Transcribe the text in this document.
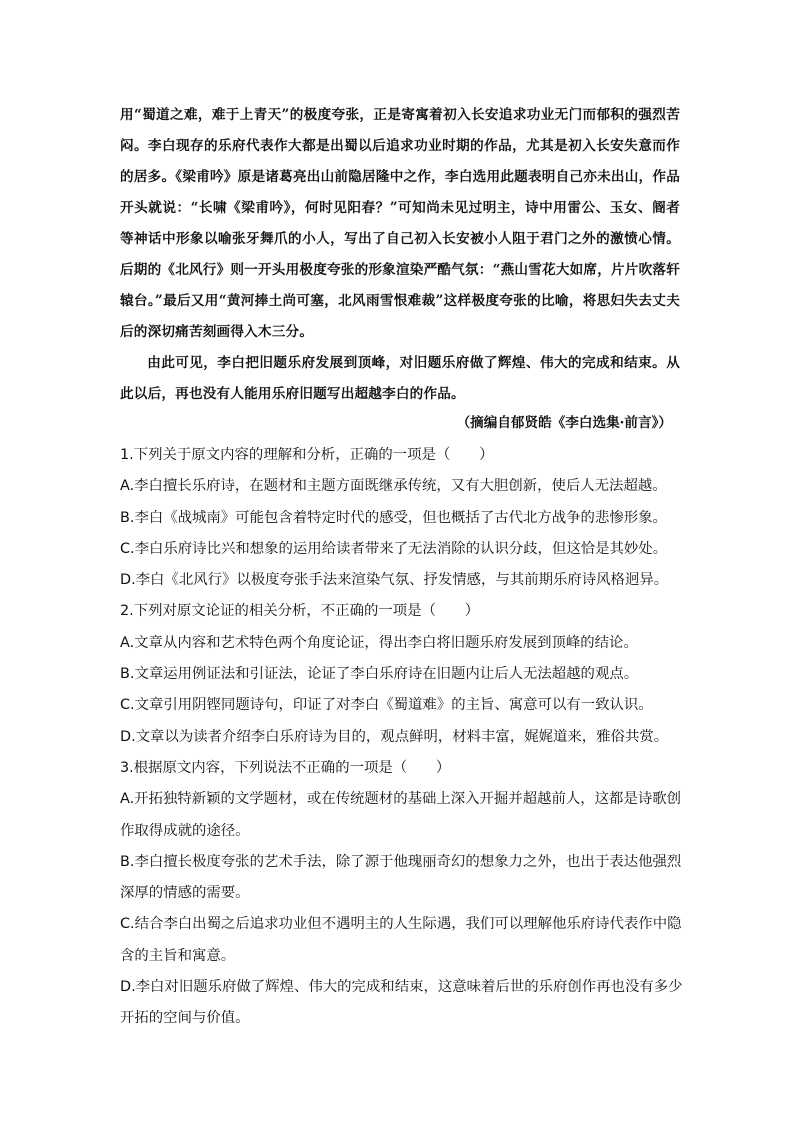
用“蜀道之难，难于上青天”的极度夸张，正是寄寓着初入长安追求功业无门而郁积的强烈苦闷。李白现存的乐府代表作大都是出蜀以后追求功业时期的作品，尤其是初入长安失意而作的居多。《梁甫吟》原是诸葛亮出山前隐居隆中之作，李白选用此题表明自己亦未出山，作品开头就说：“长啸《梁甫吟》，何时见阳春？”可知尚未见过明主，诗中用雷公、玉女、阍者等神话中形象以喻张牙舞爪的小人，写出了自己初入长安被小人阻于君门之外的激愤心情。后期的《北风行》则一开头用极度夸张的形象渲染严酷气氛：“燕山雪花大如席，片片吹落轩辕台。”最后又用“黄河捧土尚可塞，北风雨雪恨难裁”这样极度夸张的比喻，将思妇失去丈夫后的深切痛苦刻画得入木三分。

由此可见，李白把旧题乐府发展到顶峰，对旧题乐府做了辉煌、伟大的完成和结束。从此以后，再也没有人能用乐府旧题写出超越李白的作品。

（摘编自郁贤皓《李白选集·前言》）

1.下列关于原文内容的理解和分析，正确的一项是（　　）

A.李白擅长乐府诗，在题材和主题方面既继承传统，又有大胆创新，使后人无法超越。

B.李白《战城南》可能包含着特定时代的感受，但也概括了古代北方战争的悲惨形象。

C.李白乐府诗比兴和想象的运用给读者带来了无法消除的认识分歧，但这恰是其妙处。

D.李白《北风行》以极度夸张手法来渲染气氛、抒发情感，与其前期乐府诗风格迥异。

2.下列对原文论证的相关分析，不正确的一项是（　　）

A.文章从内容和艺术特色两个角度论证，得出李白将旧题乐府发展到顶峰的结论。

B.文章运用例证法和引证法，论证了李白乐府诗在旧题内让后人无法超越的观点。

C.文章引用阴铿同题诗句，印证了对李白《蜀道难》的主旨、寓意可以有一致认识。

D.文章以为读者介绍李白乐府诗为目的，观点鲜明，材料丰富，娓娓道来，雅俗共赏。

3.根据原文内容，下列说法不正确的一项是（　　）

A.开拓独特新颖的文学题材，或在传统题材的基础上深入开掘并超越前人，这都是诗歌创作取得成就的途径。

B.李白擅长极度夸张的艺术手法，除了源于他瑰丽奇幻的想象力之外，也出于表达他强烈深厚的情感的需要。

C.结合李白出蜀之后追求功业但不遇明主的人生际遇，我们可以理解他乐府诗代表作中隐含的主旨和寓意。

D.李白对旧题乐府做了辉煌、伟大的完成和结束，这意味着后世的乐府创作再也没有多少开拓的空间与价值。
